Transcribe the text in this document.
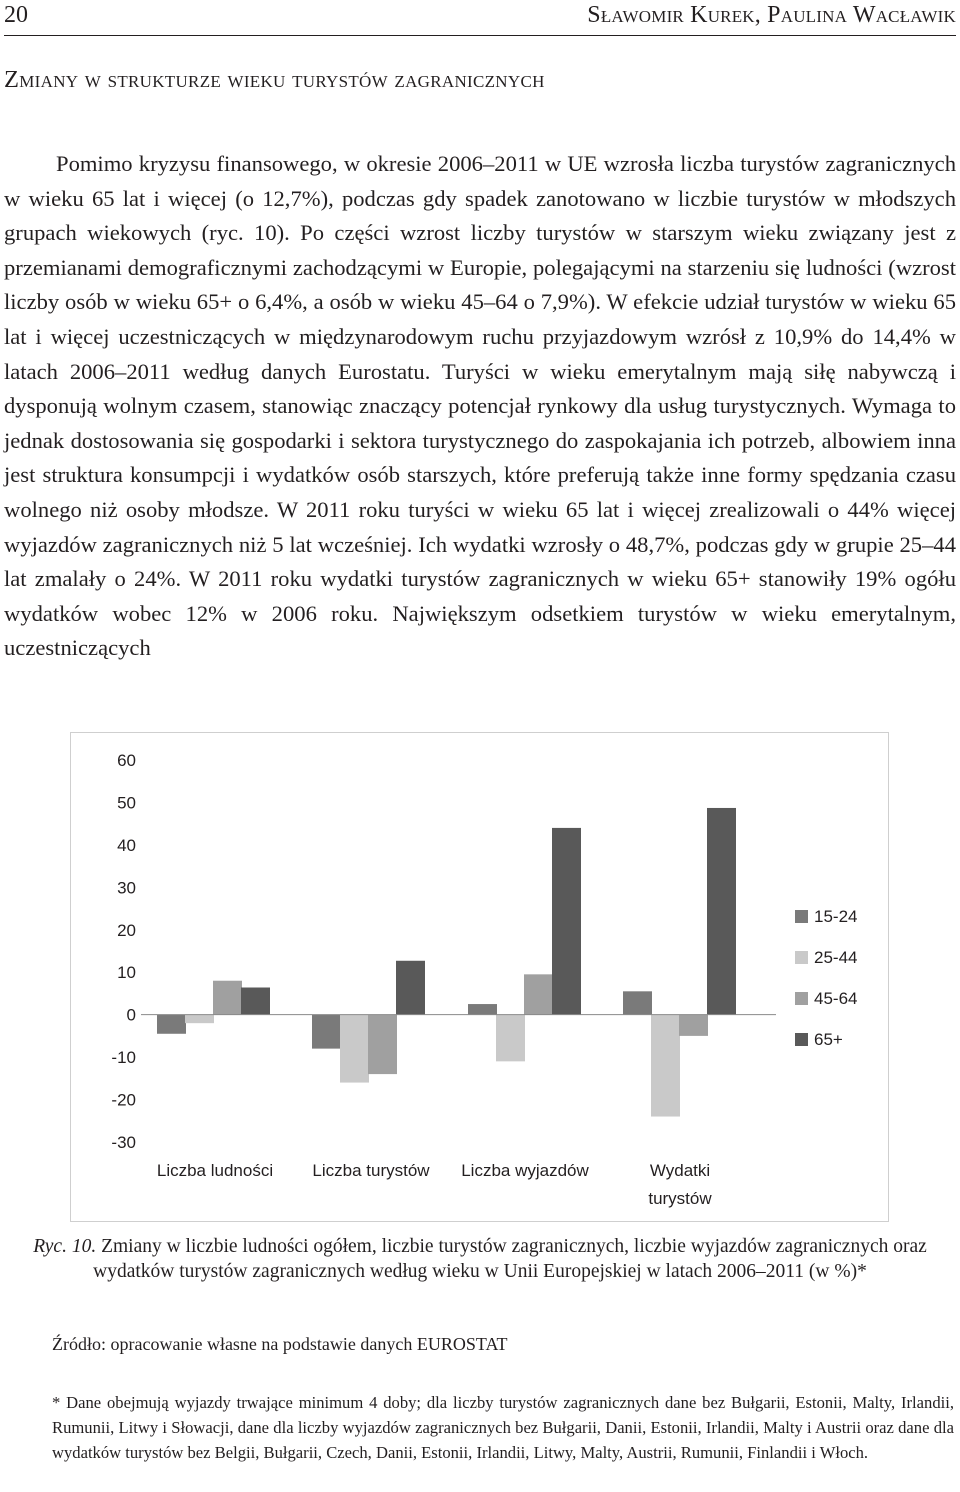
20	Sławomir Kurek, Paulina Wacławik
Zmiany w strukturze wieku turystów zagranicznych

Pomimo kryzysu finansowego, w okresie 2006–2011 w UE wzrosła liczba turystów zagranicznych w wieku 65 lat i więcej (o 12,7%), podczas gdy spadek zanotowano w liczbie turystów w młodszych grupach wiekowych (ryc. 10). Po części wzrost liczby turystów w starszym wieku związany jest z przemianami demograficznymi zachodzącymi w Europie, polegającymi na starzeniu się ludności (wzrost liczby osób w wieku 65+ o 6,4%, a osób w wieku 45–64 o 7,9%). W efekcie udział turystów w wieku 65 lat i więcej uczestniczących w międzynarodowym ruchu przyjazdowym wzrósł z 10,9% do 14,4% w latach 2006–2011 według danych Eurostatu. Turyści w wieku emerytalnym mają siłę nabywczą i dysponują wolnym czasem, stanowiąc znaczący potencjał rynkowy dla usług turystycznych. Wymaga to jednak dostosowania się gospodarki i sektora turystycznego do zaspokajania ich potrzeb, albowiem inna jest struktura konsumpcji i wydatków osób starszych, które preferują także inne formy spędzania czasu wolnego niż osoby młodsze. W 2011 roku turyści w wieku 65 lat i więcej zrealizowali o 44% więcej wyjazdów zagranicznych niż 5 lat wcześniej. Ich wydatki wzrosły o 48,7%, podczas gdy w grupie 25–44 lat zmalały o 24%. W 2011 roku wydatki turystów zagranicznych w wieku 65+ stanowiły 19% ogółu wydatków wobec 12% w 2006 roku. Największym odsetkiem turystów w wieku emerytalnym, uczestniczących

60
50
40
30
20
10
0
-10
-20
-30
Liczba ludności Liczba turystów Liczba wyjazdów	Wydatki
turystów
15-24
25-44
45-64
65+
Ryc. 10. Zmiany w liczbie ludności ogółem, liczbie turystów zagranicznych, liczbie wyjazdów zagranicznych oraz wydatków turystów zagranicznych według wieku w Unii Europejskiej w latach 2006–2011 (w %)*
Źródło: opracowanie własne na podstawie danych EUROSTAT

* Dane obejmują wyjazdy trwające minimum 4 doby; dla liczby turystów zagranicznych dane bez Bułgarii, Estonii, Malty, Irlandii, Rumunii, Litwy i Słowacji, dane dla liczby wyjazdów zagranicznych bez Bułgarii, Danii, Estonii, Irlandii, Malty i Austrii oraz dane dla wydatków turystów bez Belgii, Bułgarii, Czech, Danii, Estonii, Irlandii, Litwy, Malty, Austrii, Rumunii, Finlandii i Włoch.
